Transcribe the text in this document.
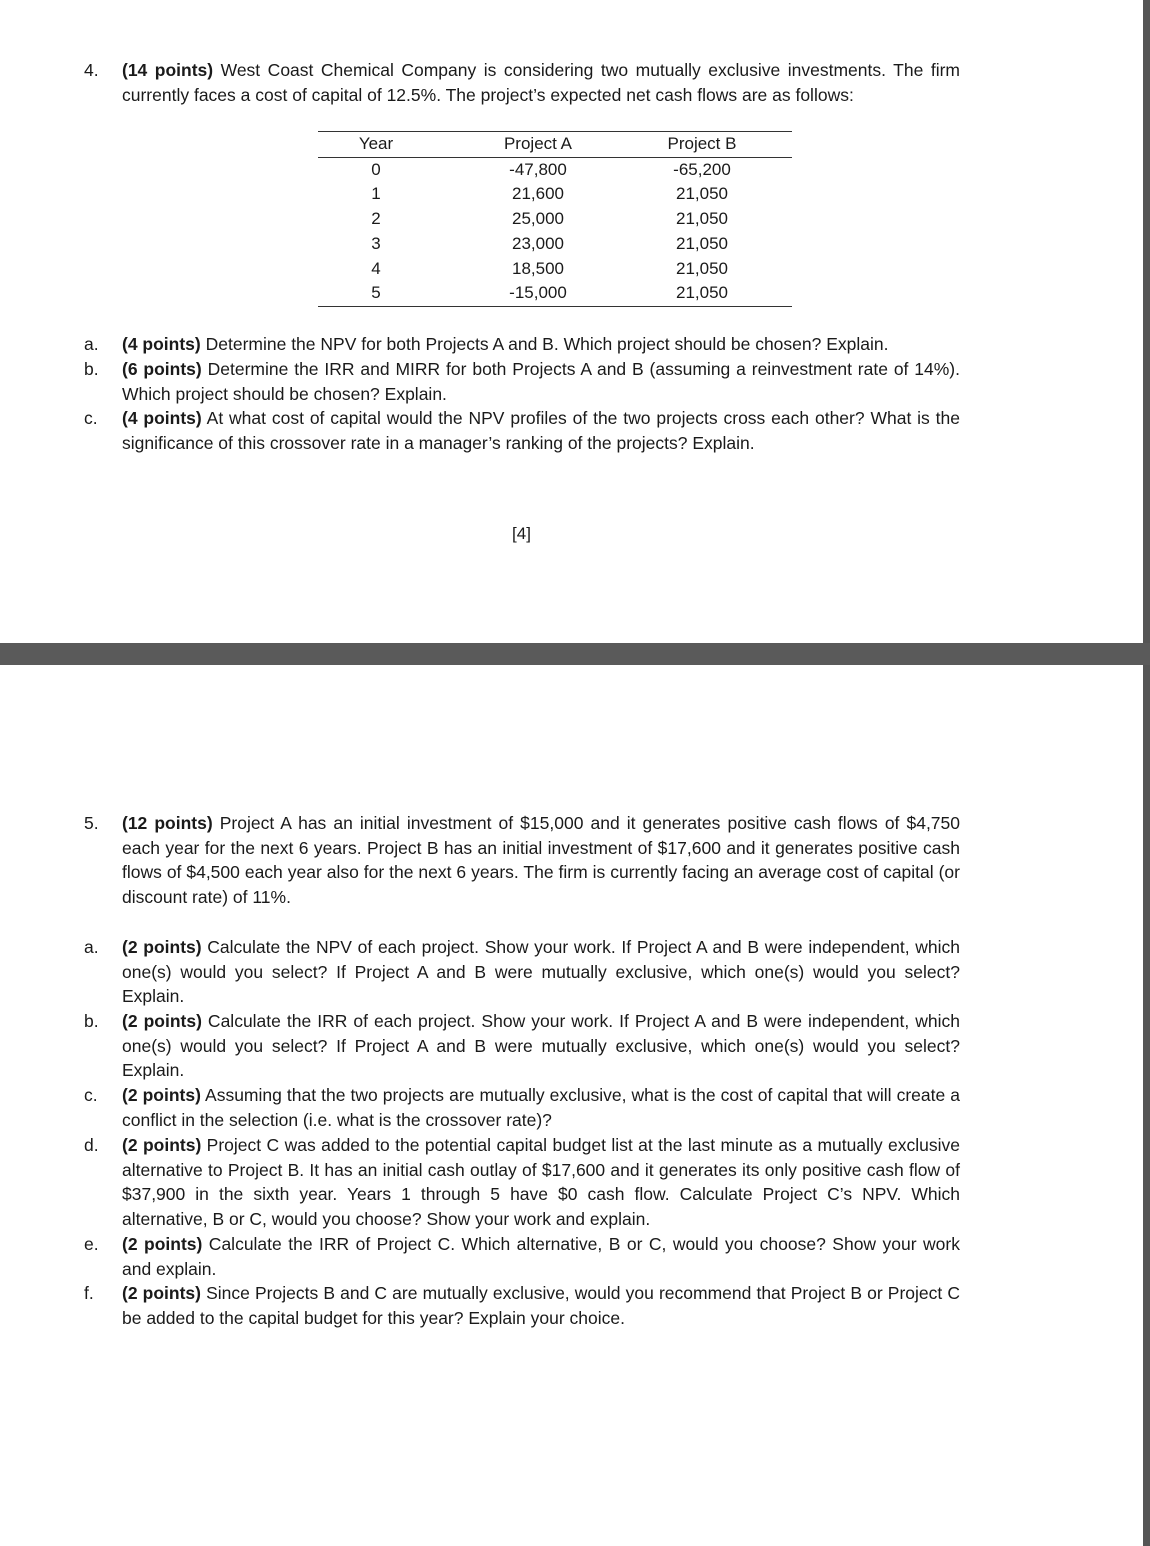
4. (14 points) West Coast Chemical Company is considering two mutually exclusive investments. The firm currently faces a cost of capital of 12.5%. The project’s expected net cash flows are as follows:
Year	Project A	Project B
0	-47,800	-65,200
1	21,600	21,050
2	25,000	21,050
3	23,000	21,050
4	18,500	21,050
5	-15,000	21,050
a. (4 points) Determine the NPV for both Projects A and B. Which project should be chosen? Explain.
b. (6 points) Determine the IRR and MIRR for both Projects A and B (assuming a reinvestment rate of 14%). Which project should be chosen? Explain.
c. (4 points) At what cost of capital would the NPV profiles of the two projects cross each other? What is the significance of this crossover rate in a manager’s ranking of the projects? Explain.
[4]
5. (12 points) Project A has an initial investment of $15,000 and it generates positive cash flows of $4,750 each year for the next 6 years. Project B has an initial investment of $17,600 and it generates positive cash flows of $4,500 each year also for the next 6 years. The firm is currently facing an average cost of capital (or discount rate) of 11%.
a. (2 points) Calculate the NPV of each project. Show your work. If Project A and B were independent, which one(s) would you select? If Project A and B were mutually exclusive, which one(s) would you select? Explain.
b. (2 points) Calculate the IRR of each project. Show your work. If Project A and B were independent, which one(s) would you select? If Project A and B were mutually exclusive, which one(s) would you select? Explain.
c. (2 points) Assuming that the two projects are mutually exclusive, what is the cost of capital that will create a conflict in the selection (i.e. what is the crossover rate)?
d. (2 points) Project C was added to the potential capital budget list at the last minute as a mutually exclusive alternative to Project B. It has an initial cash outlay of $17,600 and it generates its only positive cash flow of $37,900 in the sixth year. Years 1 through 5 have $0 cash flow. Calculate Project C’s NPV. Which alternative, B or C, would you choose? Show your work and explain.
e. (2 points) Calculate the IRR of Project C. Which alternative, B or C, would you choose? Show your work and explain.
f. (2 points) Since Projects B and C are mutually exclusive, would you recommend that Project B or Project C be added to the capital budget for this year? Explain your choice.
